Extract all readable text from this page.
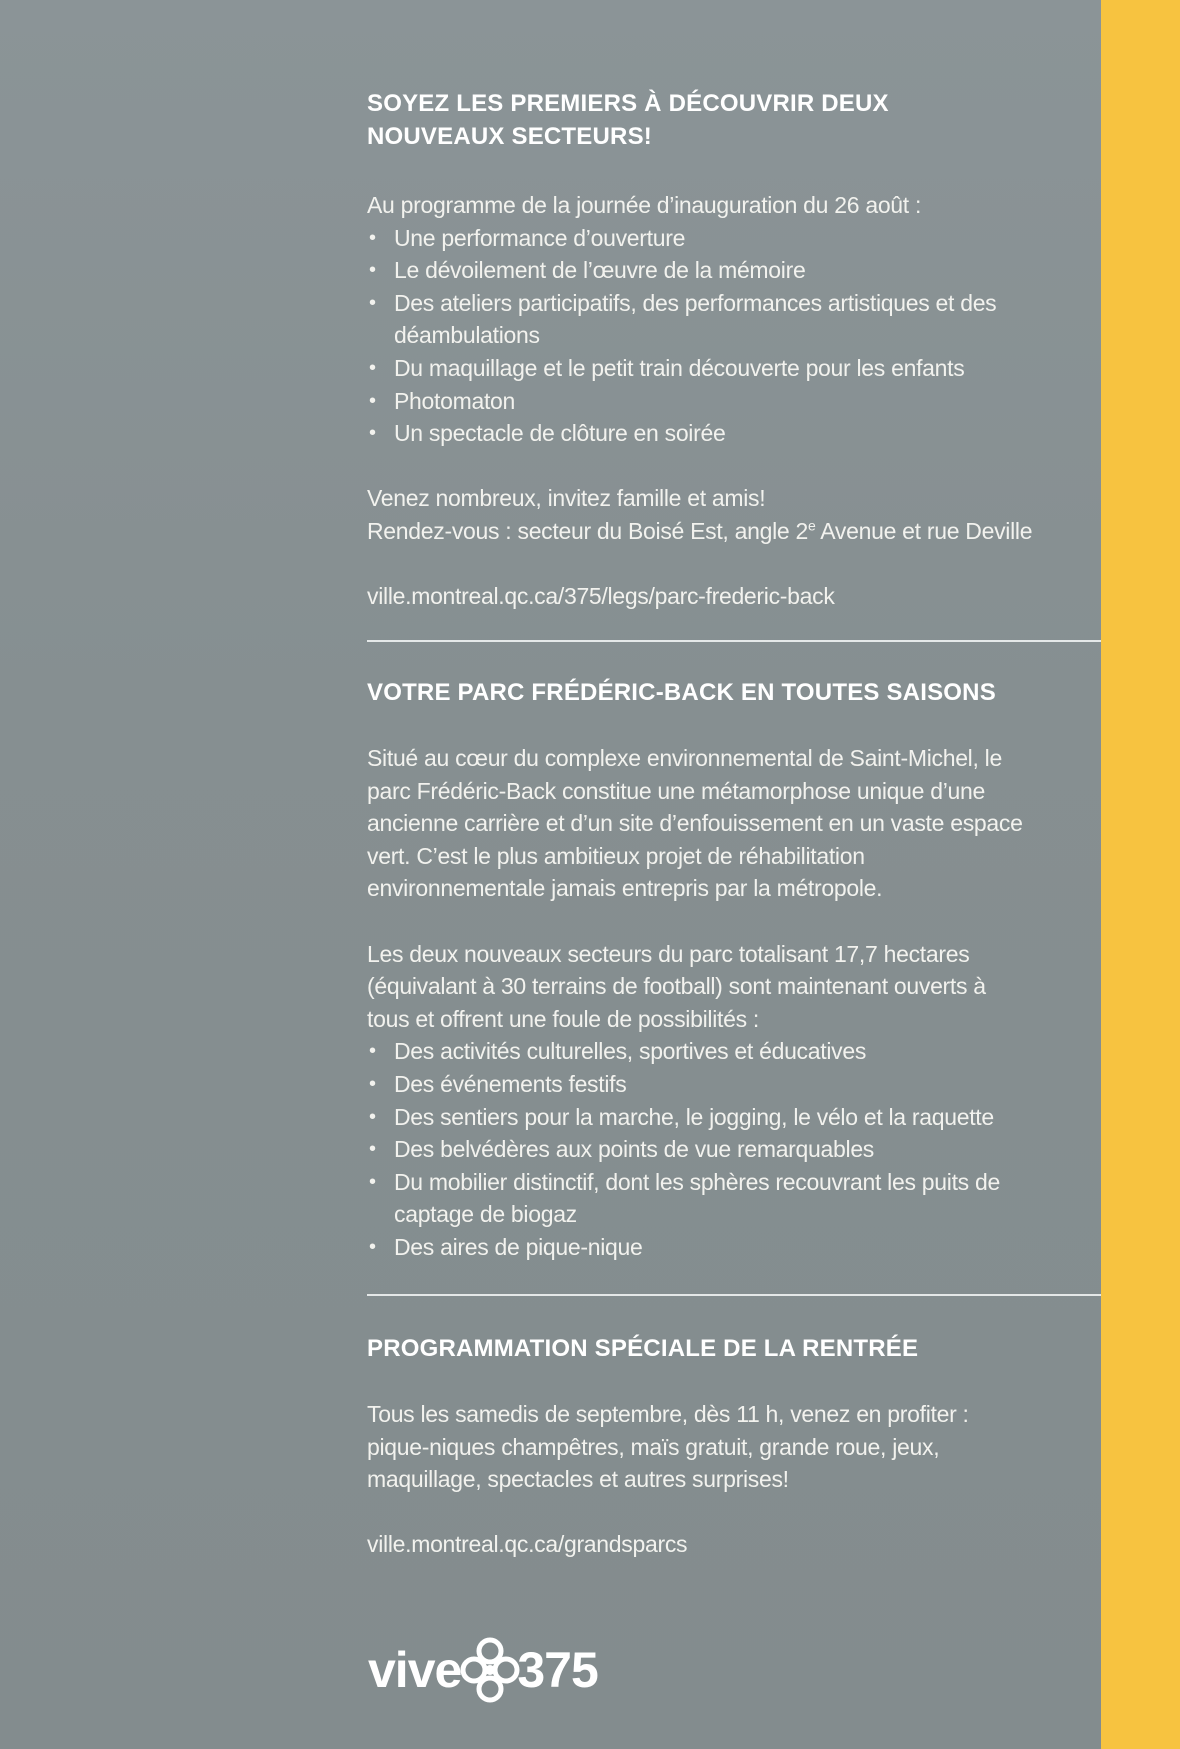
SOYEZ LES PREMIERS À DÉCOUVRIR DEUX NOUVEAUX SECTEURS!

Au programme de la journée d’inauguration du 26 août :

• Une performance d’ouverture
• Le dévoilement de l’œuvre de la mémoire
• Des ateliers participatifs, des performances artistiques et des déambulations
• Du maquillage et le petit train découverte pour les enfants
• Photomaton
• Un spectacle de clôture en soirée

Venez nombreux, invitez famille et amis!

Rendez-vous : secteur du Boisé Est, angle 2e Avenue et rue Deville

ville.montreal.qc.ca/375/legs/parc-frederic-back

VOTRE PARC FRÉDÉRIC-BACK EN TOUTES SAISONS

Situé au cœur du complexe environnemental de Saint-Michel, le parc Frédéric-Back constitue une métamorphose unique d’une ancienne carrière et d’un site d’enfouissement en un vaste espace vert. C’est le plus ambitieux projet de réhabilitation environnementale jamais entrepris par la métropole.

Les deux nouveaux secteurs du parc totalisant 17,7 hectares (équivalant à 30 terrains de football) sont maintenant ouverts à tous et offrent une foule de possibilités :

• Des activités culturelles, sportives et éducatives
• Des événements festifs
• Des sentiers pour la marche, le jogging, le vélo et la raquette
• Des belvédères aux points de vue remarquables
• Du mobilier distinctif, dont les sphères recouvrant les puits de captage de biogaz
• Des aires de pique-nique
PROGRAMMATION SPÉCIALE DE LA RENTRÉE

Tous les samedis de septembre, dès 11 h, venez en profiter : pique-niques champêtres, maïs gratuit, grande roue, jeux, maquillage, spectacles et autres surprises!

ville.montreal.qc.ca/grandsparcs

vive 375
